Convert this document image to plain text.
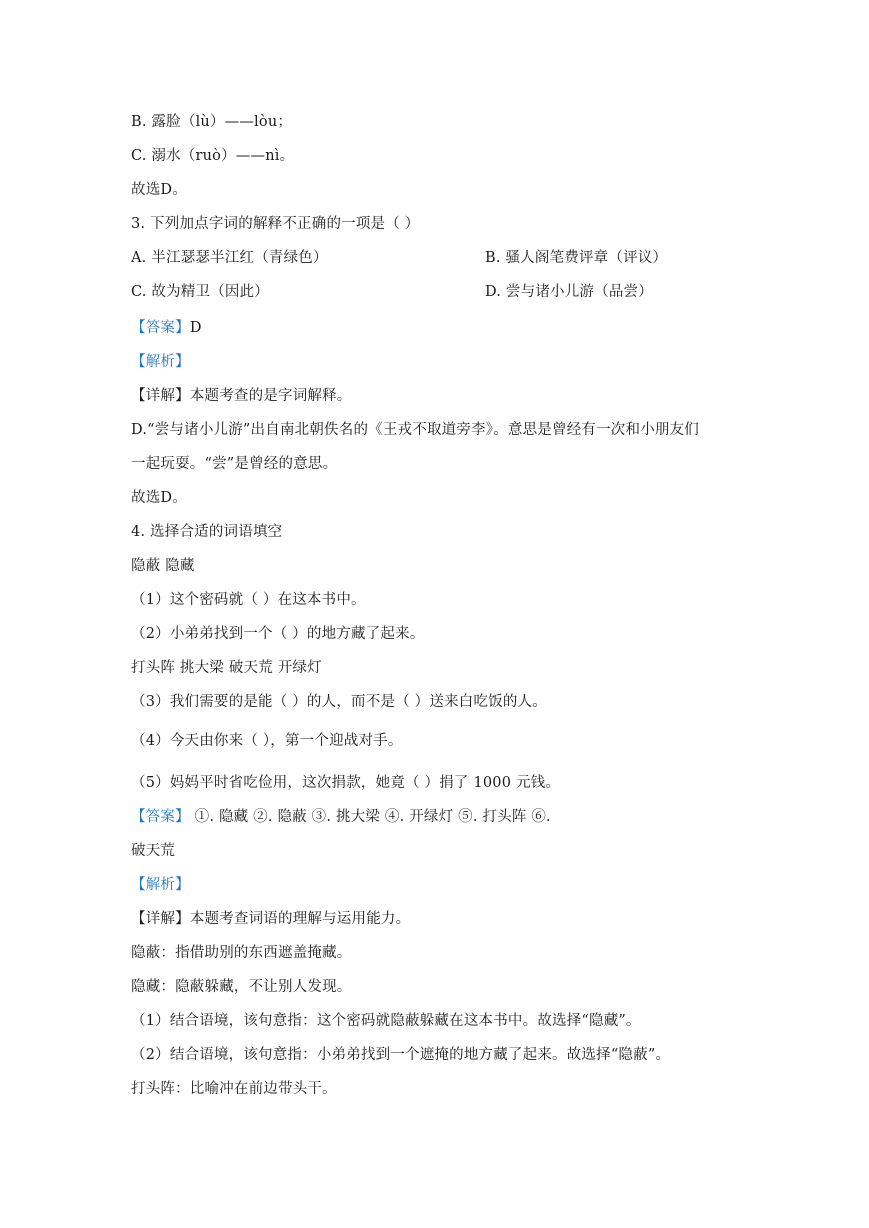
B. 露脸（lù）——lòu；
C. 溺水（ruò）——nì。
故选D。
3. 下列加点字词的解释不正确的一项是（ ）
A. 半江瑟瑟半江红（青绿色）	B. 骚人阁笔费评章（评议）
C. 故为精卫（因此）	D. 尝与诸小儿游（品尝）
【答案】D
【解析】
【详解】本题考查的是字词解释。
D.“尝与诸小儿游”出自南北朝佚名的《王戎不取道旁李》。意思是曾经有一次和小朋友们
一起玩耍。“尝”是曾经的意思。
故选D。
4. 选择合适的词语填空
隐蔽 隐藏
（1）这个密码就（ ）在这本书中。
（2）小弟弟找到一个（ ）的地方藏了起来。
打头阵 挑大梁 破天荒 开绿灯
（3）我们需要的是能（ ）的人，而不是（ ）送来白吃饭的人。
（4）今天由你来（ ），第一个迎战对手。
（5）妈妈平时省吃俭用，这次捐款，她竟（ ）捐了 1000 元钱。
【答案】 ①. 隐藏 ②. 隐蔽 ③. 挑大梁 ④. 开绿灯 ⑤. 打头阵 ⑥.
破天荒
【解析】
【详解】本题考查词语的理解与运用能力。
隐蔽：指借助别的东西遮盖掩藏。
隐藏：隐蔽躲藏，不让别人发现。
（1）结合语境，该句意指：这个密码就隐蔽躲藏在这本书中。故选择“隐藏”。
（2）结合语境，该句意指：小弟弟找到一个遮掩的地方藏了起来。故选择“隐蔽”。
打头阵：比喻冲在前边带头干。
